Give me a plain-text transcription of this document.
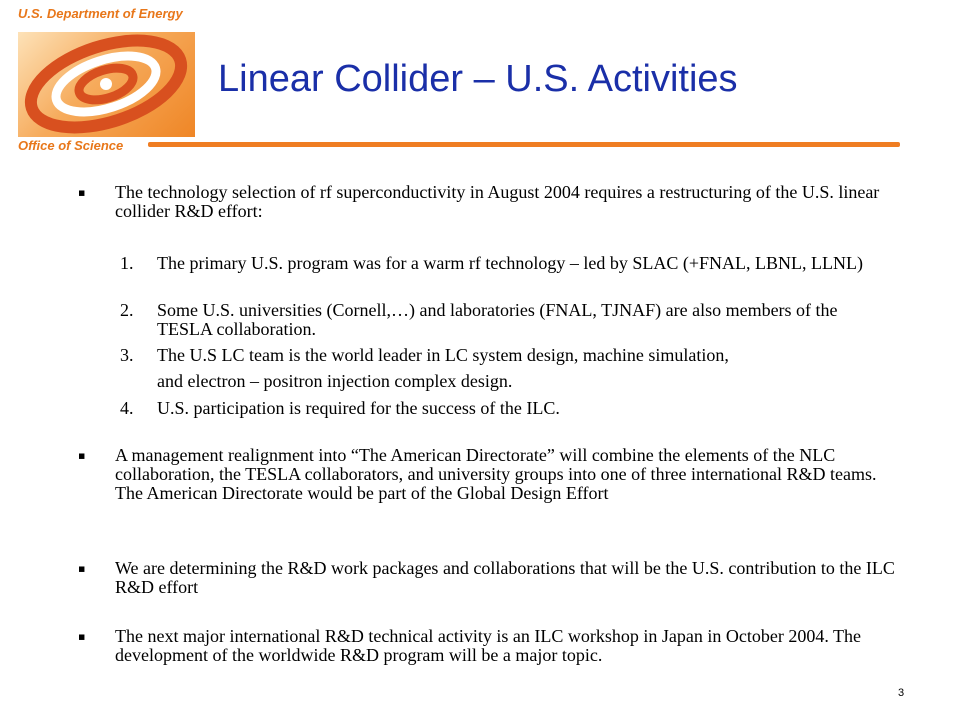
U.S. Department of Energy
Office of Science
Linear Collider – U.S. Activities
▪ The technology selection of rf superconductivity in August 2004 requires a restructuring of the U.S. linear collider R&D effort:
1. The primary U.S. program was for a warm rf technology – led by SLAC (+FNAL, LBNL, LLNL)
2. Some U.S. universities (Cornell,…) and laboratories (FNAL, TJNAF) are also members of the TESLA collaboration.
3. The U.S LC team is the world leader in LC system design, machine simulation,
and electron – positron injection complex design.
4. U.S. participation is required for the success of the ILC.
▪ A management realignment into “The American Directorate” will combine the elements of the NLC collaboration, the TESLA collaborators, and university groups into one of three international R&D teams. The American Directorate would be part of the Global Design Effort
▪ We are determining the R&D work packages and collaborations that will be the U.S. contribution to the ILC R&D effort
▪ The next major international R&D technical activity is an ILC workshop in Japan in October 2004. The development of the worldwide R&D program will be a major topic.
3
